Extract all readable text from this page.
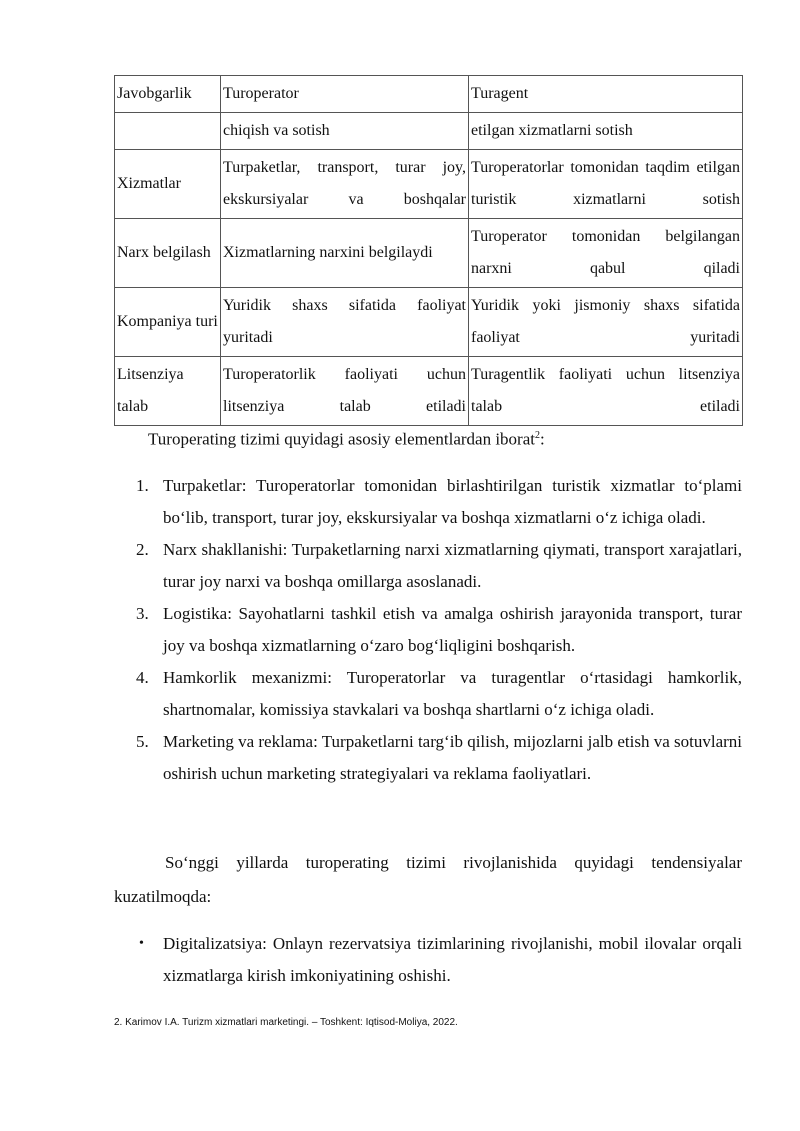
Javobgarlik	Turoperator	Turagent
	chiqish va sotish	etilgan xizmatlarni sotish
Xizmatlar	Turpaketlar, transport, turar joy, ekskursiyalar va boshqalar	Turoperatorlar tomonidan taqdim etilgan turistik xizmatlarni sotish
Narx belgilash	Xizmatlarning narxini belgilaydi	Turoperator tomonidan belgilangan narxni qabul qiladi
Kompaniya turi	Yuridik shaxs sifatida faoliyat yuritadi	Yuridik yoki jismoniy shaxs sifatida faoliyat yuritadi
Litsenziya talab	Turoperatorlik faoliyati uchun litsenziya talab etiladi	Turagentlik faoliyati uchun litsenziya talab etiladi
Turoperating tizimi quyidagi asosiy elementlardan iborat$^2$:
1. Turpaketlar: Turoperatorlar tomonidan birlashtirilgan turistik xizmatlar to‘plami bo‘lib, transport, turar joy, ekskursiyalar va boshqa xizmatlarni o‘z ichiga oladi.
2. Narx shakllanishi: Turpaketlarning narxi xizmatlarning qiymati, transport xarajatlari, turar joy narxi va boshqa omillarga asoslanadi.
3. Logistika: Sayohatlarni tashkil etish va amalga oshirish jarayonida transport, turar joy va boshqa xizmatlarning o‘zaro bog‘liqligini boshqarish.
4. Hamkorlik mexanizmi: Turoperatorlar va turagentlar o‘rtasidagi hamkorlik, shartnomalar, komissiya stavkalari va boshqa shartlarni o‘z ichiga oladi.
5. Marketing va reklama: Turpaketlarni targ‘ib qilish, mijozlarni jalb etish va sotuvlarni oshirish uchun marketing strategiyalari va reklama faoliyatlari.

So‘nggi yillarda turoperating tizimi rivojlanishida quyidagi tendensiyalar kuzatilmoqda:

• Digitalizatsiya: Onlayn rezervatsiya tizimlarining rivojlanishi, mobil ilovalar orqali xizmatlarga kirish imkoniyatining oshishi.
2. Karimov I.A. Turizm xizmatlari marketingi. – Toshkent: Iqtisod-Moliya, 2022.
